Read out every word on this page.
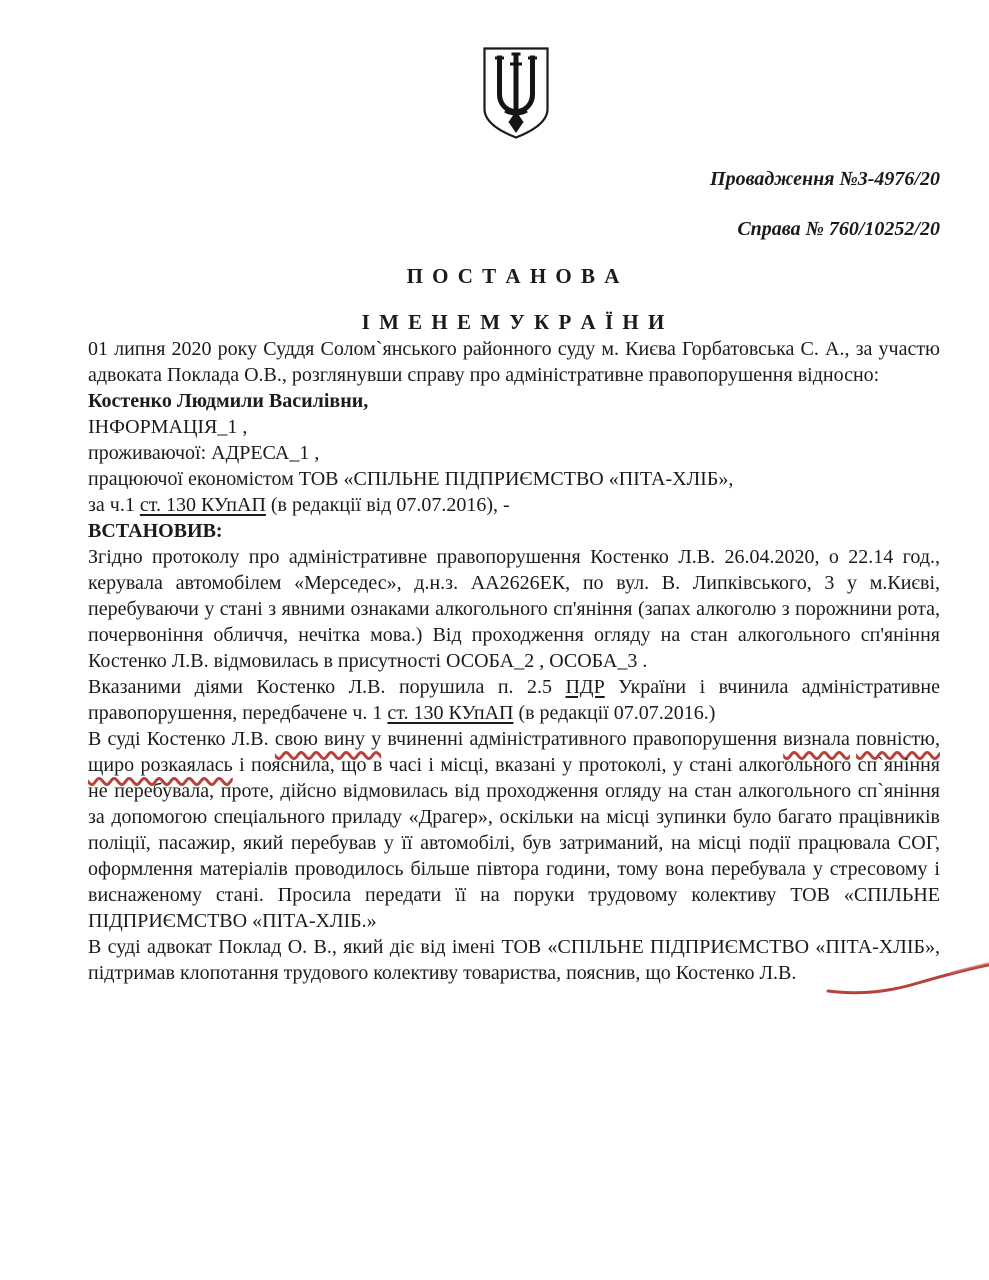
Провадження №3-4976/20

Справа № 760/10252/20

П О С Т А Н О В А

І М Е Н Е М У К Р А Ї Н И

01 липня 2020 року Суддя Солом`янського районного суду м. Києва Горбатовська С. А., за участю адвоката Поклада О.В., розглянувши справу про адміністративне правопорушення відносно:

Костенко Людмили Василівни,

ІНФОРМАЦІЯ_1 ,

проживаючої: АДРЕСА_1 ,

працюючої економістом ТОВ «СПІЛЬНЕ ПІДПРИЄМСТВО «ПІТА-ХЛІБ»,

за ч.1 ст. 130 КУпАП (в редакції від 07.07.2016), -

ВСТАНОВИВ:

Згідно протоколу про адміністративне правопорушення Костенко Л.В. 26.04.2020, о 22.14 год., керувала автомобілем «Мерседес», д.н.з. АА2626ЕК, по вул. В. Липківського, 3 у м.Києві, перебуваючи у стані з явними ознаками алкогольного сп'яніння (запах алкоголю з порожнини рота, почервоніння обличчя, нечітка мова.) Від проходження огляду на стан алкогольного сп'яніння Костенко Л.В. відмовилась в присутності ОСОБА_2 , ОСОБА_3 .

Вказаними діями Костенко Л.В. порушила п. 2.5 ПДР України і вчинила адміністративне правопорушення, передбачене ч. 1 ст. 130 КУпАП (в редакції 07.07.2016.)

В суді Костенко Л.В. свою вину у вчиненні адміністративного правопорушення визнала повністю, щиро розкаялась і пояснила, що в часі і місці, вказані у протоколі, у стані алкогольного сп`яніння не перебувала, проте, дійсно відмовилась від проходження огляду на стан алкогольного сп`яніння за допомогою спеціального приладу «Драгер», оскільки на місці зупинки було багато працівників поліції, пасажир, який перебував у її автомобілі, був затриманий, на місці події працювала СОГ, оформлення матеріалів проводилось більше півтора години, тому вона перебувала у стресовому і виснаженому стані. Просила передати її на поруки трудовому колективу ТОВ «СПІЛЬНЕ ПІДПРИЄМСТВО «ПІТА-ХЛІБ.»

В суді адвокат Поклад О. В., який діє від імені ТОВ «СПІЛЬНЕ ПІДПРИЄМСТВО «ПІТА-ХЛІБ», підтримав клопотання трудового колективу товариства, пояснив, що Костенко Л.В.
